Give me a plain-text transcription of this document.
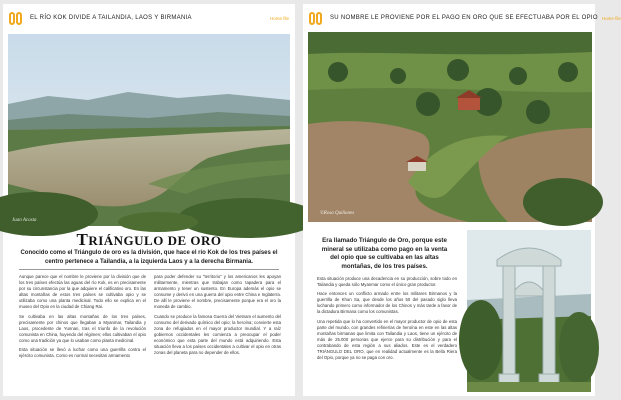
EL RÍO KOK DIVIDE A TAILANDIA, LAOS Y BIRMANIA	Home file
Juan Acosta
TRIÁNGULO DE ORO
Conocido como el Triángulo de oro es la división, que hace el río Kok de los tres países el centro pertenece a Tailandia, a la izquierda Laos y a la derecha Birmania.

Aunque parece que el nombre le proviene por la división que de los tres países efectúa las aguas del río Kok, es en precisamente por su circunstancia por la que adquiere el calificativo oro. En las altas montañas de estos tres países se cultivaba opio y se utilizaba como una planta medicinal. Todo ello se explica en el museo del Opio en la ciudad de Chiang Rai.

Se cultivaba en las altas montañas de los tres países, precisamente por chinos que llegaban a Myanmar, Tailandia y Laos, procedente de Yunnan, tras el triunfo de la revolución comunista en China, huyendo del régimen; ellos cultivaban el opio como una tradición ya que lo usaban como planta medicinal.

Esta situación se llevó a luchar como una guerrilla contra el ejército comunista. Como es normal necesitan armamento

para poder defender su "territorio" y los americanos les apoyan militarmente, mientras que trabajan como tapadera para el armamento y tener un sustento. En Europa además el opio se consume y derivó en una guerra del opio entre China e Inglaterra. De allí le proviene el nombre, precisamente porque era el oro la moneda de cambio.

Cuando se produce la famosa Guerra del Vietnam el aumento del consumo del derivado químico del opio; la heroína; convierte esta zona de refugiados en el mayor productor mundial. Y a raíz gobiernos occidentales les comienza a preocupar el poder económico que esta parte del mundo está adquiriendo. Esta situación lleva a los países occidentales a cultivar el opio en otras zonas del planeta para no depender de ellos.

SU NOMBRE LE PROVIENE POR EL PAGO EN ORO QUE SE EFECTUABA POR EL OPIO Home file
©Rosa Quiñones
Era llamado Triángulo de Oro, porque este mineral se utilizaba como pago en la venta del opio que se cultivaba en las altas montañas, de los tres países.

Esta situación produce una decadencia en su producción, sobre todo en Tailandia y queda sólo Myanmar como el único gran productor.

Hace entonces un conflicto armado entre los militares Birmanos y la guerrilla de Khun Sa, que desde los años 50 del pasado siglo lleva luchando primero como informador de los Chinos y más tarde a favor de la dictadura Birmana como los comunistas.

Una repetida que lo ha convertido en el mayor productor de opio de esta parte del mundo, con grandes refinerías de heroína en este en las altas montañas birmanas que limita con Tailandia y Laos, tiene un ejército de más de 25.000 personas que ejerce para su distribución y para el contrabando de esta región a sus aliados. Este es el verdadero TRIÁNGULO DEL ORO, que en realidad actualmente es la Bella Riera del Opio, porque ya no se paga con oro.
